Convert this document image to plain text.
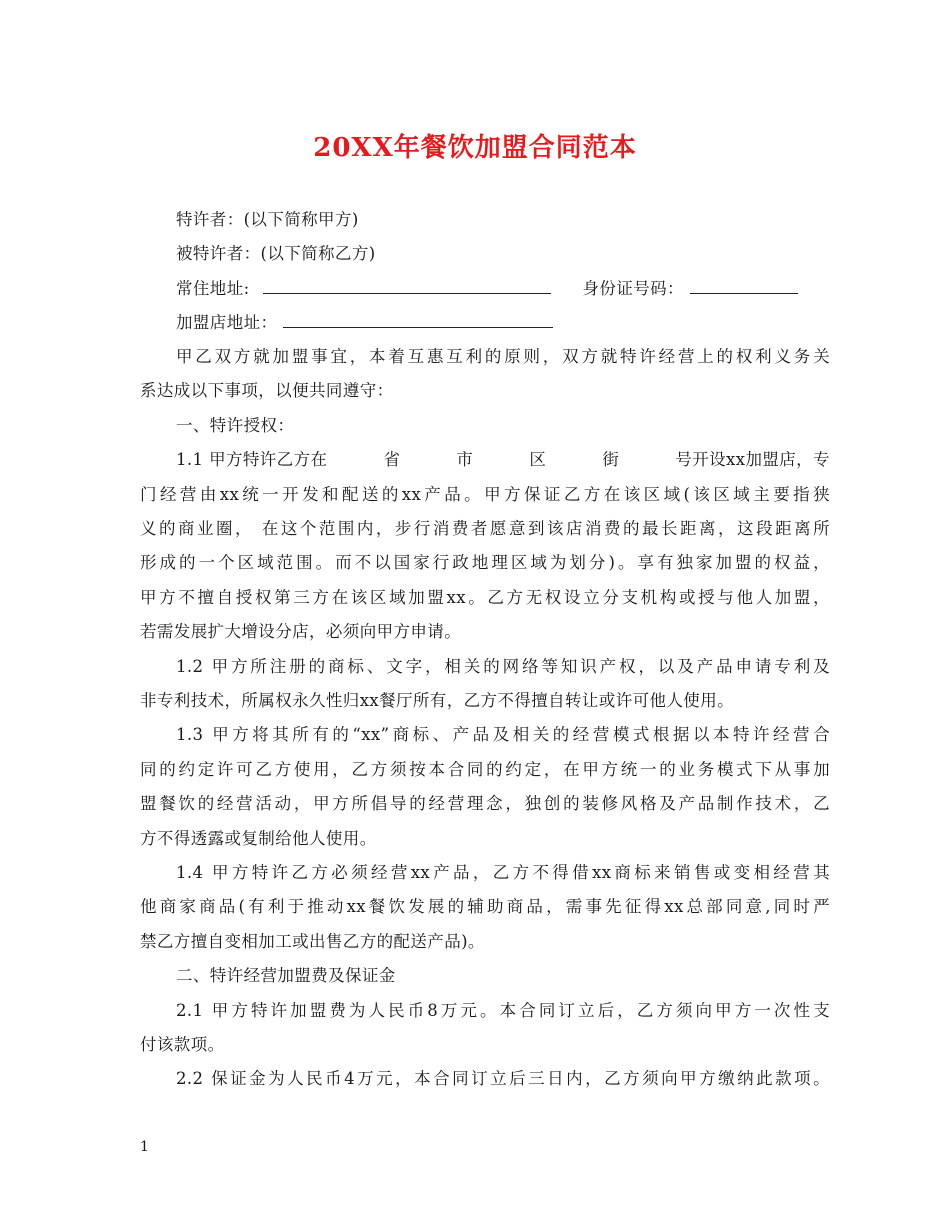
20XX年餐饮加盟合同范本
特许者：(以下简称甲方)
被特许者：(以下简称乙方)
常住地址:	身份证号码：
加盟店地址：
甲乙双方就加盟事宜，本着互惠互利的原则，双方就特许经营上的权利义务关
系达成以下事项，以便共同遵守：
一、特许授权：
1.1 甲方特许乙方在	省	市	区	街	号开设xx加盟店，专
门经营由xx统一开发和配送的xx产品。甲方保证乙方在该区域(该区域主要指狭
义的商业圈， 在这个范围内，步行消费者愿意到该店消费的最长距离，这段距离所
形成的一个区域范围。而不以国家行政地理区域为划分)。享有独家加盟的权益，
甲方不擅自授权第三方在该区域加盟xx。乙方无权设立分支机构或授与他人加盟，
若需发展扩大增设分店，必须向甲方申请。
1.2 甲方所注册的商标、文字，相关的网络等知识产权，以及产品申请专利及
非专利技术，所属权永久性归xx餐厅所有，乙方不得擅自转让或许可他人使用。
1.3 甲方将其所有的“xx”商标、产品及相关的经营模式根据以本特许经营合
同的约定许可乙方使用，乙方须按本合同的约定，在甲方统一的业务模式下从事加
盟餐饮的经营活动，甲方所倡导的经营理念，独创的装修风格及产品制作技术，乙
方不得透露或复制给他人使用。
1.4 甲方特许乙方必须经营xx产品，乙方不得借xx商标来销售或变相经营其
他商家商品(有利于推动xx餐饮发展的辅助商品，需事先征得xx总部同意,同时严
禁乙方擅自变相加工或出售乙方的配送产品)。
二、特许经营加盟费及保证金
2.1 甲方特许加盟费为人民币8万元。本合同订立后，乙方须向甲方一次性支
付该款项。
2.2 保证金为人民币4万元，本合同订立后三日内，乙方须向甲方缴纳此款项。
1
